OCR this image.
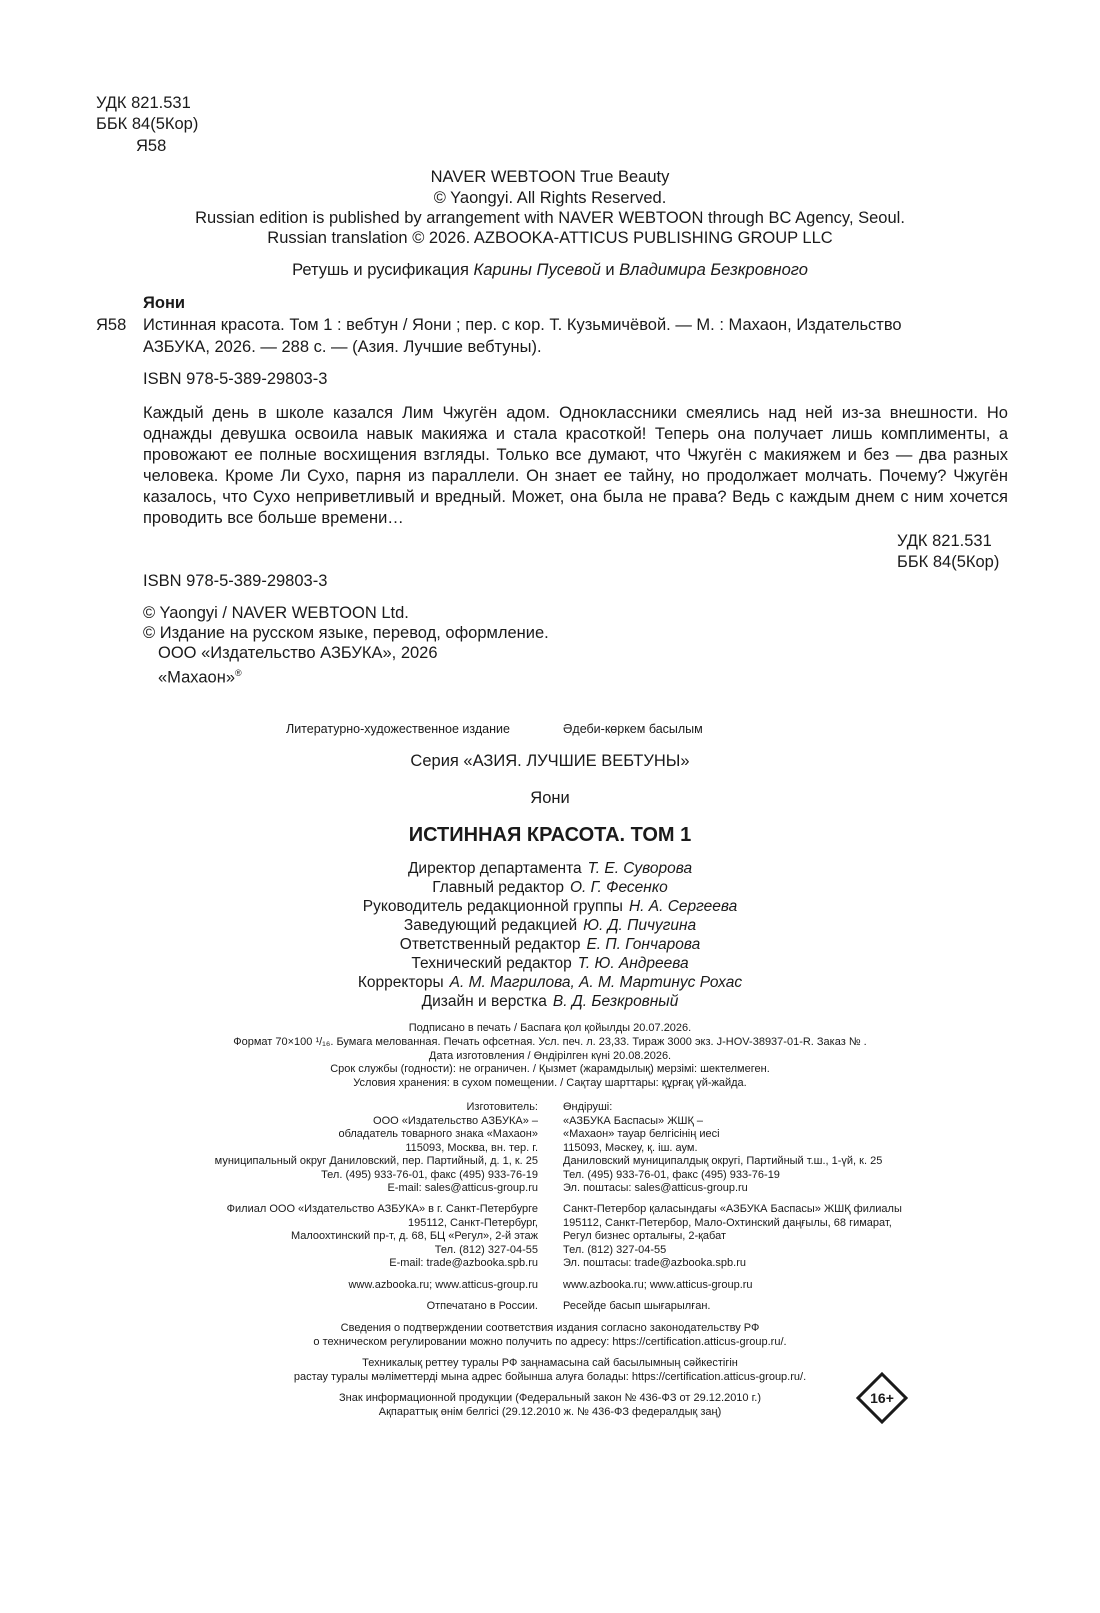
УДК 821.531
ББК 84(5Кор)
Я58
NAVER WEBTOON True Beauty
© Yaongyi. All Rights Reserved.
Russian edition is published by arrangement with NAVER WEBTOON through BC Agency, Seoul.
Russian translation © 2026. AZBOOKA-ATTICUS PUBLISHING GROUP LLC
Ретушь и русификация Карины Пусевой и Владимира Безкровного
Яони
Я58 Истинная красота. Том 1 : вебтун / Яони ; пер. с кор. Т. Кузьмичёвой. — М. : Махаон, Издательство
АЗБУКА, 2026. — 288 с. — (Азия. Лучшие вебтуны).
ISBN 978-5-389-29803-3
Каждый день в школе казался Лим Чжугён адом. Одноклассники смеялись над ней из-за внешности. Но однажды девушка освоила навык макияжа и стала красоткой! Теперь она получает лишь комплименты, а провожают ее полные восхищения взгляды. Только все думают, что Чжугён с макияжем и без — два разных человека. Кроме Ли Сухо, парня из параллели. Он знает ее тайну, но продолжает молчать. Почему? Чжугён казалось, что Сухо неприветливый и вредный. Может, она была не права? Ведь с каждым днем с ним хочется проводить все больше времени…
УДК 821.531
ББК 84(5Кор)
ISBN 978-5-389-29803-3
© Yaongyi / NAVER WEBTOON Ltd.
© Издание на русском языке, перевод, оформление.
ООО «Издательство АЗБУКА», 2026
«Махаон»®
Литературно-художественное издание	Әдеби-көркем басылым
Серия «АЗИЯ. ЛУЧШИЕ ВЕБТУНЫ»
Яони
ИСТИННАЯ КРАСОТА. ТОМ 1
Директор департамента Т. Е. Суворова
Главный редактор О. Г. Фесенко
Руководитель редакционной группы Н. А. Сергеева
Заведующий редакцией Ю. Д. Пичугина
Ответственный редактор Е. П. Гончарова
Технический редактор Т. Ю. Андреева
Корректоры А. М. Магрилова, А. М. Мартинус Рохас
Дизайн и верстка В. Д. Безкровный
Подписано в печать / Баспаға қол қойылды 20.07.2026.
Формат 70×100 ¹/₁₆. Бумага мелованная. Печать офсетная. Усл. печ. л. 23,33. Тираж 3000 экз. J-HOV-38937-01-R. Заказ № .
Дата изготовления / Өндірілген күні 20.08.2026.
Срок службы (годности): не ограничен. / Қызмет (жарамдылық) мерзімі: шектелмеген.
Условия хранения: в сухом помещении. / Сақтау шарттары: құрғақ үй-жайда.
Изготовитель:
ООО «Издательство АЗБУКА» –
обладатель товарного знака «Махаон»
115093, Москва, вн. тер. г.
муниципальный округ Даниловский, пер. Партийный, д. 1, к. 25
Тел. (495) 933-76-01, факс (495) 933-76-19
E-mail: sales@atticus-group.ru
Өндіруші:
«АЗБУКА Баспасы» ЖШҚ –
«Махаон» тауар белгісінің иесі
115093, Мәскеу, қ. іш. аум.
Даниловский муниципалдық округі, Партийный т.ш., 1-үй, к. 25
Тел. (495) 933-76-01, факс (495) 933-76-19
Эл. поштасы: sales@atticus-group.ru
Филиал ООО «Издательство АЗБУКА» в г. Санкт-Петербурге
195112, Санкт-Петербург,
Малоохтинский пр-т, д. 68, БЦ «Регул», 2-й этаж
Тел. (812) 327-04-55
E-mail: trade@azbooka.spb.ru
Санкт-Петербор қаласындағы «АЗБУКА Баспасы» ЖШҚ филиалы
195112, Санкт-Петербор, Мало-Охтинский даңғылы, 68 гимарат,
Регул бизнес орталығы, 2-қабат
Тел. (812) 327-04-55
Эл. поштасы: trade@azbooka.spb.ru
www.azbooka.ru; www.atticus-group.ru www.azbooka.ru; www.atticus-group.ru
Отпечатано в России. Ресейде басып шығарылған.
Сведения о подтверждении соответствия издания согласно законодательству РФ
о техническом регулировании можно получить по адресу: https://certification.atticus-group.ru/.
Техникалық реттеу туралы РФ заңнамасына сай басылымның сәйкестігін
растау туралы мәліметтерді мына адрес бойынша алуға болады: https://certification.atticus-group.ru/.
Знак информационной продукции (Федеральный закон № 436-ФЗ от 29.12.2010 г.)
Ақпараттық өнім белгісі (29.12.2010 ж. № 436-ФЗ федералдық заң)
16+
